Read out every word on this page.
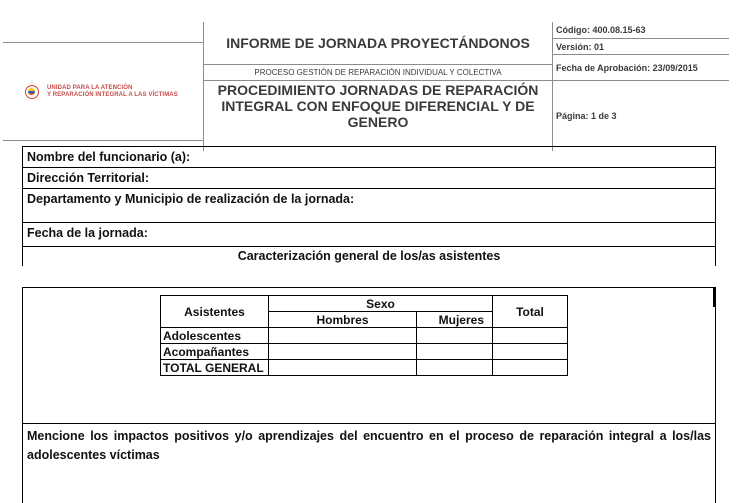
UNIDAD PARA LA ATENCIÓN
Y REPARACIÓN INTEGRAL A LAS VÍCTIMAS
INFORME DE JORNADA PROYECTÁNDONOS
PROCESO GESTIÓN DE REPARACIÓN INDIVIDUAL Y COLECTIVA
PROCEDIMIENTO JORNADAS DE REPARACIÓN INTEGRAL CON ENFOQUE DIFERENCIAL Y DE GENERO
Código: 400.08.15-63
Versión: 01
Fecha de Aprobación: 23/09/2015
Página: 1 de 3
Nombre del funcionario (a):
Dirección Territorial:
Departamento y Municipio de realización de la jornada:
Fecha de la jornada:
Caracterización general de los/as asistentes
Asistentes	Sexo		Total
	Hombres	Mujeres	
Adolescentes			
Acompañantes			
TOTAL GENERAL			
Mencione los impactos positivos y/o aprendizajes del encuentro en el proceso de reparación integral a los/las adolescentes víctimas
